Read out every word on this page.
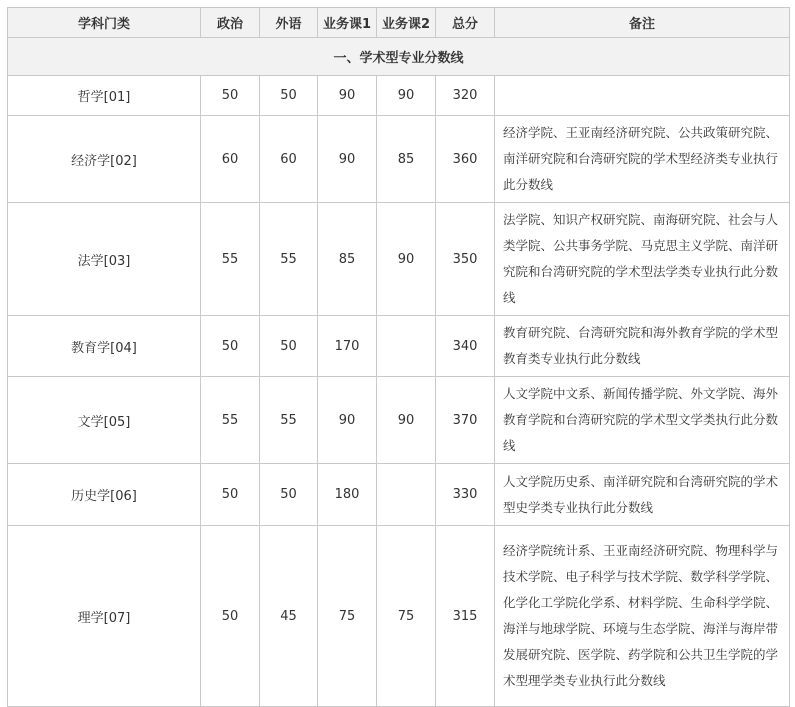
学科门类	政治	外语	业务课1	业务课2	总分	备注
一、学术型专业分数线						
哲学[01]	50	50	90	90	320	
经济学[02]	60	60	90	85	360	经济学院、王亚南经济研究院、公共政策研究院、南洋研究院和台湾研究院的学术型经济类专业执行此分数线
法学[03]	55	55	85	90	350	法学院、知识产权研究院、南海研究院、社会与人类学院、公共事务学院、马克思主义学院、南洋研究院和台湾研究院的学术型法学类专业执行此分数线
教育学[04]	50	50	170		340	教育研究院、台湾研究院和海外教育学院的学术型教育类专业执行此分数线
文学[05]	55	55	90	90	370	人文学院中文系、新闻传播学院、外文学院、海外教育学院和台湾研究院的学术型文学类执行此分数线
历史学[06]	50	50	180		330	人文学院历史系、南洋研究院和台湾研究院的学术型史学类专业执行此分数线
理学[07]	50	45	75	75	315	经济学院统计系、王亚南经济研究院、物理科学与技术学院、电子科学与技术学院、数学科学学院、化学化工学院化学系、材料学院、生命科学学院、海洋与地球学院、环境与生态学院、海洋与海岸带发展研究院、医学院、药学院和公共卫生学院的学术型理学类专业执行此分数线
